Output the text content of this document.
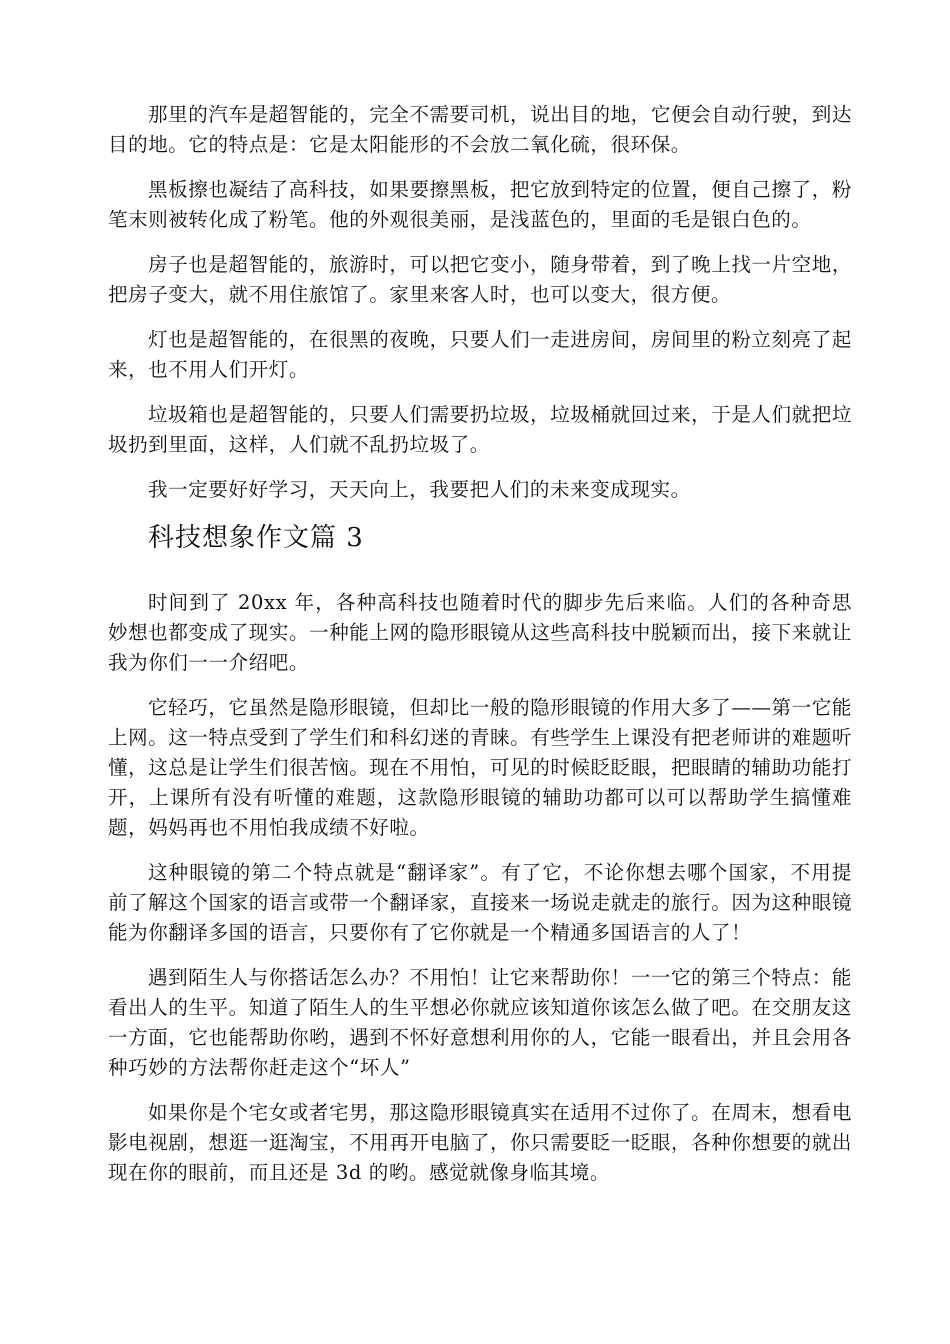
那里的汽车是超智能的，完全不需要司机，说出目的地，它便会自动行驶，到达目的地。它的特点是：它是太阳能形的不会放二氧化硫，很环保。

黑板擦也凝结了高科技，如果要擦黑板，把它放到特定的位置，便自己擦了，粉笔末则被转化成了粉笔。他的外观很美丽，是浅蓝色的，里面的毛是银白色的。

房子也是超智能的，旅游时，可以把它变小，随身带着，到了晚上找一片空地，把房子变大，就不用住旅馆了。家里来客人时，也可以变大，很方便。

灯也是超智能的，在很黑的夜晚，只要人们一走进房间，房间里的粉立刻亮了起来，也不用人们开灯。

垃圾箱也是超智能的，只要人们需要扔垃圾，垃圾桶就回过来，于是人们就把垃圾扔到里面，这样，人们就不乱扔垃圾了。

我一定要好好学习，天天向上，我要把人们的未来变成现实。

科技想象作文篇 3

时间到了 20xx 年，各种高科技也随着时代的脚步先后来临。人们的各种奇思妙想也都变成了现实。一种能上网的隐形眼镜从这些高科技中脱颖而出，接下来就让我为你们一一介绍吧。

它轻巧，它虽然是隐形眼镜，但却比一般的隐形眼镜的作用大多了——第一它能上网。这一特点受到了学生们和科幻迷的青睐。有些学生上课没有把老师讲的难题听懂，这总是让学生们很苦恼。现在不用怕，可见的时候眨眨眼，把眼睛的辅助功能打开，上课所有没有听懂的难题，这款隐形眼镜的辅助功都可以可以帮助学生搞懂难题，妈妈再也不用怕我成绩不好啦。

这种眼镜的第二个特点就是“翻译家”。有了它，不论你想去哪个国家，不用提前了解这个国家的语言或带一个翻译家，直接来一场说走就走的旅行。因为这种眼镜能为你翻译多国的语言，只要你有了它你就是一个精通多国语言的人了！

遇到陌生人与你搭话怎么办？不用怕！让它来帮助你！一一它的第三个特点：能看出人的生平。知道了陌生人的生平想必你就应该知道你该怎么做了吧。在交朋友这一方面，它也能帮助你哟，遇到不怀好意想利用你的人，它能一眼看出，并且会用各种巧妙的方法帮你赶走这个“坏人”

如果你是个宅女或者宅男，那这隐形眼镜真实在适用不过你了。在周末，想看电影电视剧，想逛一逛淘宝，不用再开电脑了，你只需要眨一眨眼，各种你想要的就出现在你的眼前，而且还是 3d 的哟。感觉就像身临其境。
